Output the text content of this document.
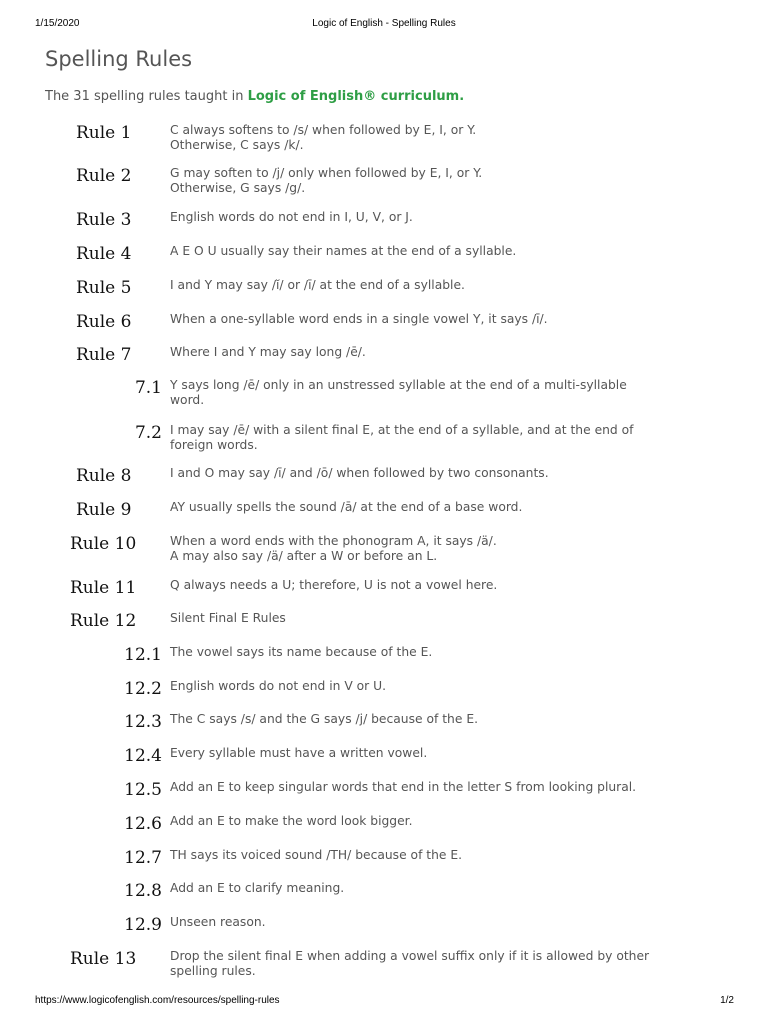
1/15/2020	Logic of English - Spelling Rules
Spelling Rules
The 31 spelling rules taught in Logic of English® curriculum.
Rule 1	C always softens to /s/ when followed by E, I, or Y.
Otherwise, C says /k/.
Rule 2	G may soften to /j/ only when followed by E, I, or Y.
Otherwise, G says /g/.
Rule 3	English words do not end in I, U, V, or J.
Rule 4	A E O U usually say their names at the end of a syllable.
Rule 5	I and Y may say /ĭ/ or /ī/ at the end of a syllable.
Rule 6	When a one-syllable word ends in a single vowel Y, it says /ī/.
Rule 7	Where I and Y may say long /ē/.
7.1 Y says long /ē/ only in an unstressed syllable at the end of a multi-syllable
word.
7.2 I may say /ē/ with a silent final E, at the end of a syllable, and at the end of
foreign words.
Rule 8	I and O may say /ī/ and /ō/ when followed by two consonants.
Rule 9	AY usually spells the sound /ā/ at the end of a base word.
Rule 10	When a word ends with the phonogram A, it says /ä/.
A may also say /ä/ after a W or before an L.
Rule 11	Q always needs a U; therefore, U is not a vowel here.
Rule 12	Silent Final E Rules
12.1 The vowel says its name because of the E.
12.2 English words do not end in V or U.
12.3 The C says /s/ and the G says /j/ because of the E.
12.4 Every syllable must have a written vowel.
12.5 Add an E to keep singular words that end in the letter S from looking plural.
12.6 Add an E to make the word look bigger.
12.7 TH says its voiced sound /TH/ because of the E.
12.8 Add an E to clarify meaning.
12.9 Unseen reason.
Rule 13	Drop the silent final E when adding a vowel suffix only if it is allowed by other
spelling rules.
https://www.logicofenglish.com/resources/spelling-rules	1/2
